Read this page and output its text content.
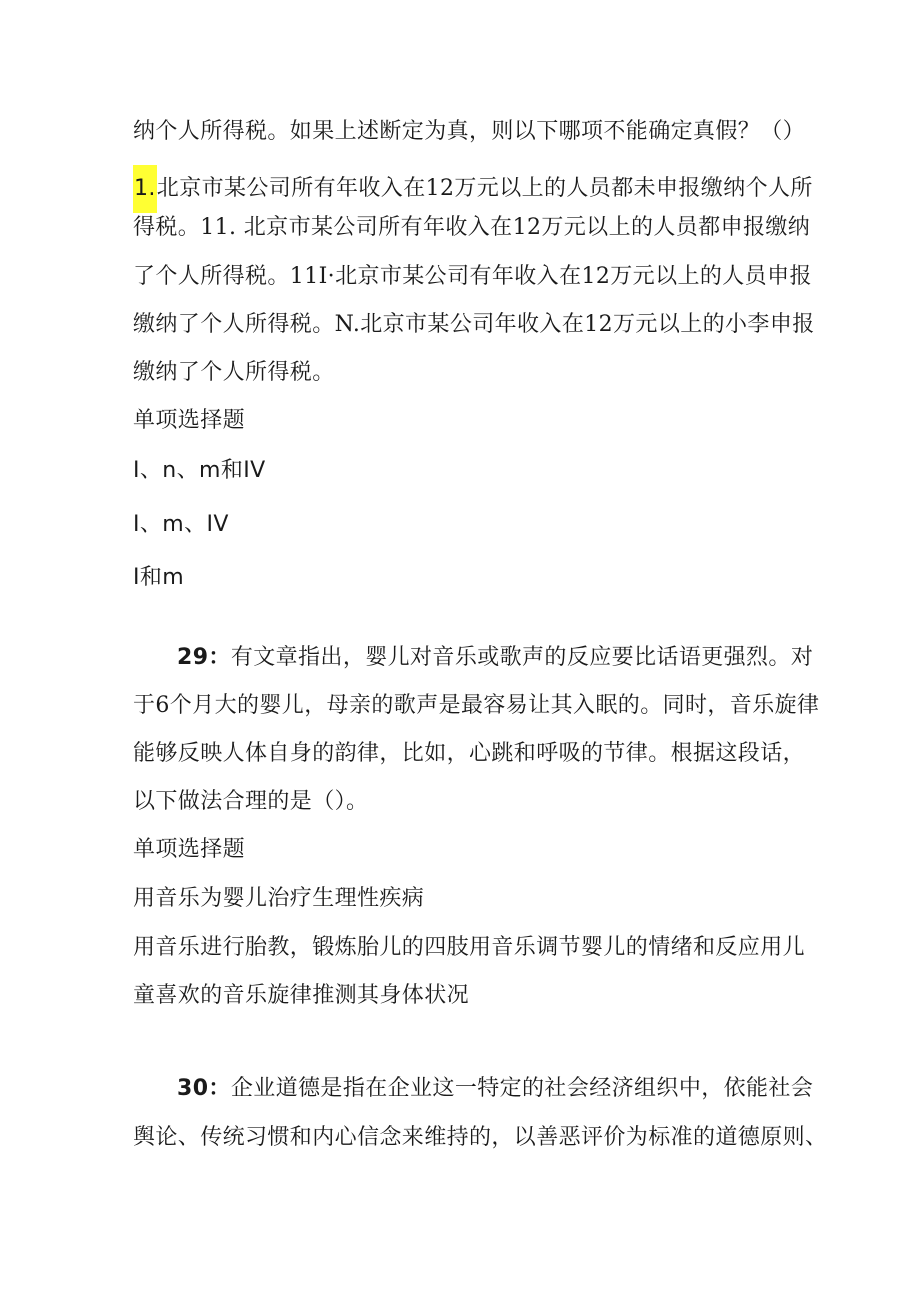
纳个人所得税。如果上述断定为真，则以下哪项不能确定真假？（）
1.北京市某公司所有年收入在12万元以上的人员都未申报缴纳个人所
得税。11. 北京市某公司所有年收入在12万元以上的人员都申报缴纳
了个人所得税。11I·北京市某公司有年收入在12万元以上的人员申报
缴纳了个人所得税。N.北京市某公司年收入在12万元以上的小李申报
缴纳了个人所得税。
单项选择题
I、n、m和IV
I、m、IV
I和m
29：有文章指出，婴儿对音乐或歌声的反应要比话语更强烈。对
于6个月大的婴儿，母亲的歌声是最容易让其入眠的。同时，音乐旋律
能够反映人体自身的韵律，比如，心跳和呼吸的节律。根据这段话，
以下做法合理的是（）。
单项选择题
用音乐为婴儿治疗生理性疾病
用音乐进行胎教，锻炼胎儿的四肢用音乐调节婴儿的情绪和反应用儿
童喜欢的音乐旋律推测其身体状况
30：企业道德是指在企业这一特定的社会经济组织中，依能社会
舆论、传统习惯和内心信念来维持的，以善恶评价为标准的道德原则、
